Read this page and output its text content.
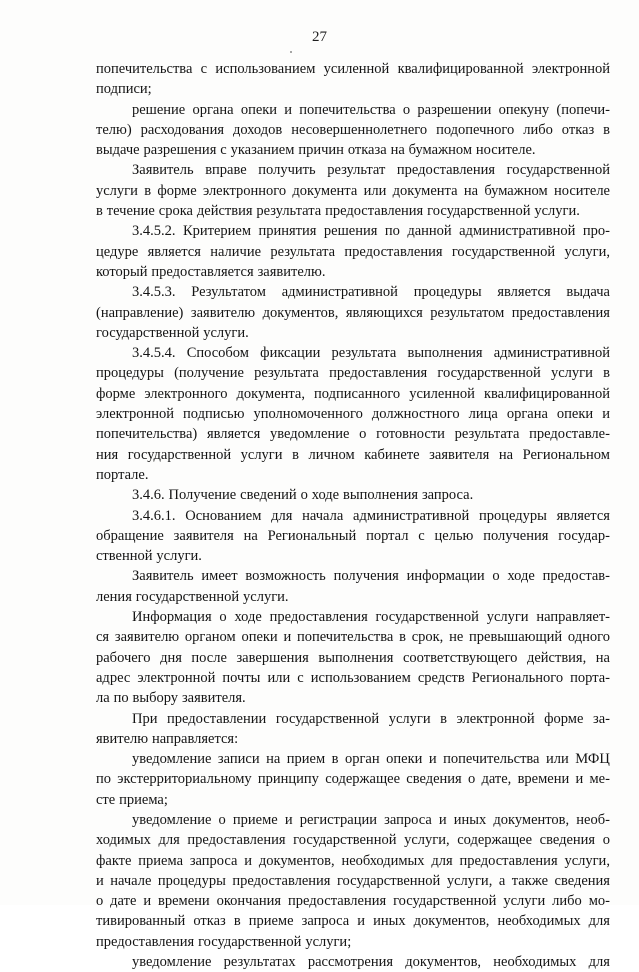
27
попечительства с использованием усиленной квалифицированной электронной
подписи;
решение органа опеки и попечительства о разрешении опекуну (попечи-
телю) расходования доходов несовершеннолетнего подопечного либо отказ в
выдаче разрешения с указанием причин отказа на бумажном носителе.
Заявитель вправе получить результат предоставления государственной
услуги в форме электронного документа или документа на бумажном носителе
в течение срока действия результата предоставления государственной услуги.
3.4.5.2. Критерием принятия решения по данной административной про-
цедуре является наличие результата предоставления государственной услуги,
который предоставляется заявителю.
3.4.5.3. Результатом административной процедуры является выдача
(направление) заявителю документов, являющихся результатом предоставления
государственной услуги.
3.4.5.4. Способом фиксации результата выполнения административной
процедуры (получение результата предоставления государственной услуги в
форме электронного документа, подписанного усиленной квалифицированной
электронной подписью уполномоченного должностного лица органа опеки и
попечительства) является уведомление о готовности результата предоставле-
ния государственной услуги в личном кабинете заявителя на Региональном
портале.
3.4.6. Получение сведений о ходе выполнения запроса.
3.4.6.1. Основанием для начала административной процедуры является
обращение заявителя на Региональный портал с целью получения государ-
ственной услуги.
Заявитель имеет возможность получения информации о ходе предостав-
ления государственной услуги.
Информация о ходе предоставления государственной услуги направляет-
ся заявителю органом опеки и попечительства в срок, не превышающий одного
рабочего дня после завершения выполнения соответствующего действия, на
адрес электронной почты или с использованием средств Регионального порта-
ла по выбору заявителя.
При предоставлении государственной услуги в электронной форме за-
явителю направляется:
уведомление записи на прием в орган опеки и попечительства или МФЦ
по экстерриториальному принципу содержащее сведения о дате, времени и ме-
сте приема;
уведомление о приеме и регистрации запроса и иных документов, необ-
ходимых для предоставления государственной услуги, содержащее сведения о
факте приема запроса и документов, необходимых для предоставления услуги,
и начале процедуры предоставления государственной услуги, а также сведения
о дате и времени окончания предоставления государственной услуги либо мо-
тивированный отказ в приеме запроса и иных документов, необходимых для
предоставления государственной услуги;
уведомление результатах рассмотрения документов, необходимых для
